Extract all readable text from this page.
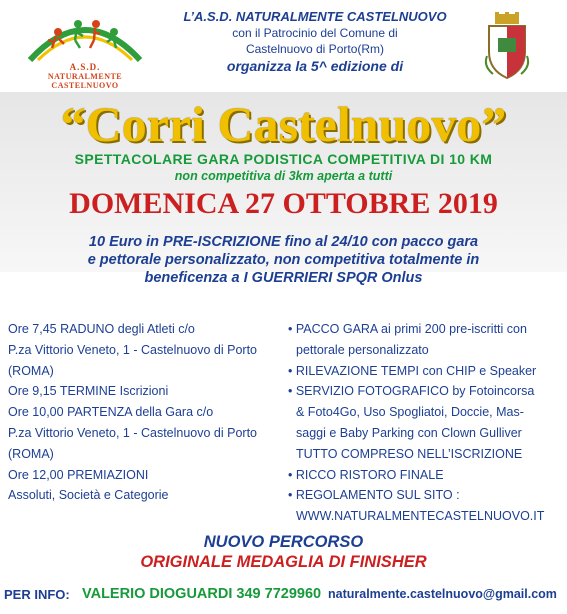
A.S.D.
NATURALMENTE
CASTELNUOVO
L’A.S.D. NATURALMENTE CASTELNUOVO
con il Patrocinio del Comune di
Castelnuovo di Porto(Rm)
organizza la 5^ edizione di
“Corri Castelnuovo”
SPETTACOLARE GARA PODISTICA COMPETITIVA DI 10 KM
non competitiva di 3km aperta a tutti
DOMENICA 27 OTTOBRE 2019
10 Euro in PRE-ISCRIZIONE fino al 24/10 con pacco gara
e pettorale personalizzato, non competitiva totalmente in
beneficenza a I GUERRIERI SPQR Onlus
Ore 7,45 RADUNO degli Atleti c/o
P.za Vittorio Veneto, 1 - Castelnuovo di Porto
(ROMA)
Ore 9,15 TERMINE Iscrizioni
Ore 10,00 PARTENZA della Gara c/o
P.za Vittorio Veneto, 1 - Castelnuovo di Porto
(ROMA)
Ore 12,00 PREMIAZIONI
Assoluti, Società e Categorie
• PACCO GARA ai primi 200 pre-iscritti con
pettorale personalizzato
• RILEVAZIONE TEMPI con CHIP e Speaker
• SERVIZIO FOTOGRAFICO by Fotoincorsa
& Foto4Go, Uso Spogliatoi, Doccie, Mas-
saggi e Baby Parking con Clown Gulliver
TUTTO COMPRESO NELL’ISCRIZIONE
• RICCO RISTORO FINALE
• REGOLAMENTO SUL SITO :
WWW.NATURALMENTECASTELNUOVO.IT
NUOVO PERCORSO
ORIGINALE MEDAGLIA DI FINISHER
PER INFO: VALERIO DIOGUARDI 349 7729960 naturalmente.castelnuovo@gmail.com
